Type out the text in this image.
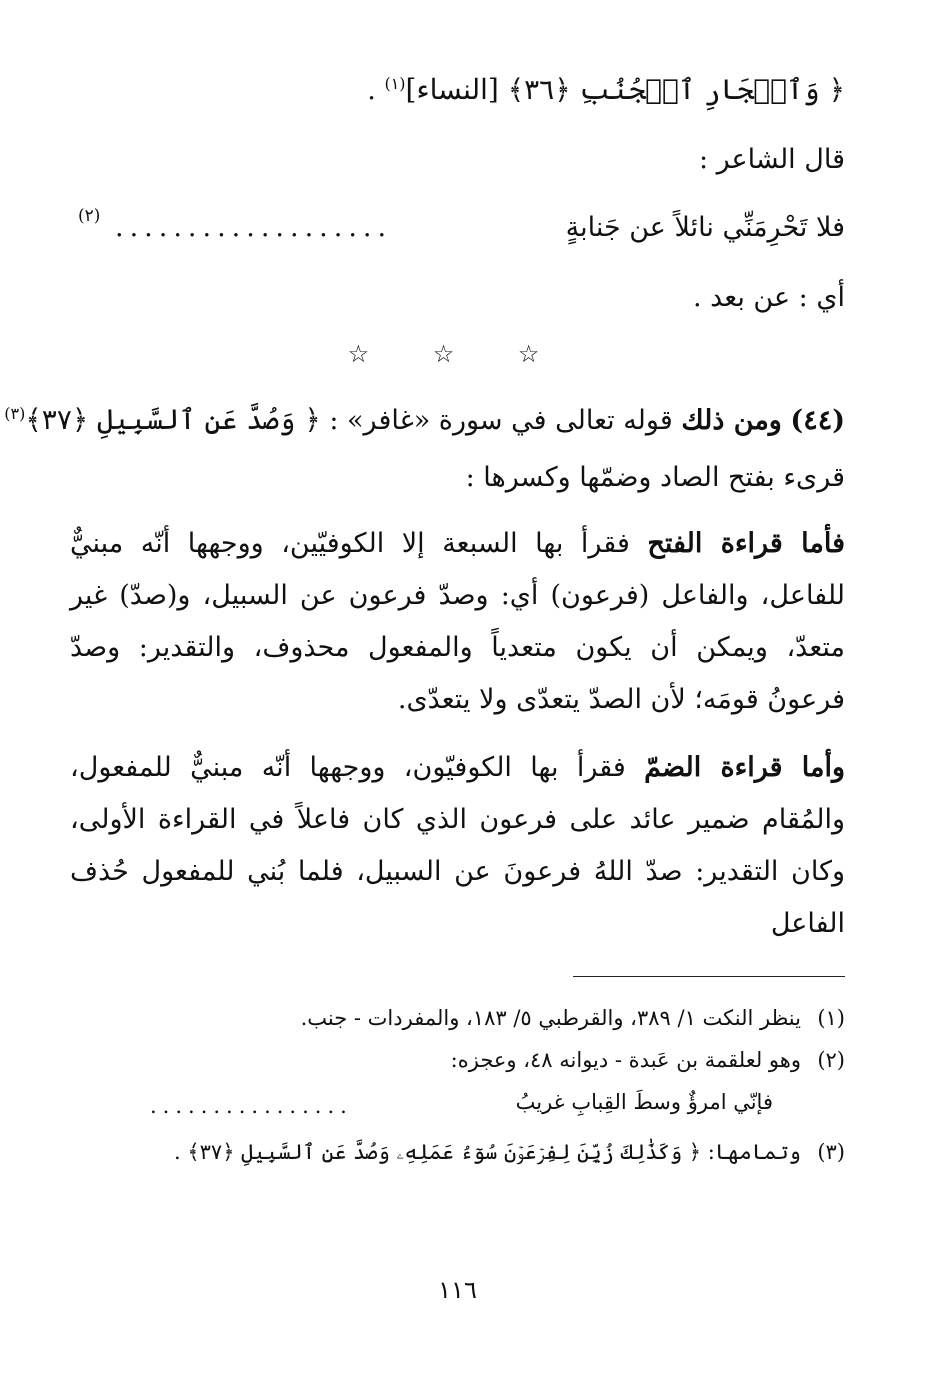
﴿ وَٱلۡجَارِ ٱلۡجُنُبِ ﴿٣٦﴾ [النساء]$^{(١)}$ .
قال الشاعر :
فلا تَحْرِمَنِّي نائلاً عن جَنابةٍ
...................
(٢)
أي : عن بعد .
☆ ☆ ☆
(٤٤) ومن ذلك قوله تعالى في سورة «غافر» : ﴿ وَصُدَّ عَنِ ٱلسَّبِيلِ ﴿٣٧﴾$^{(٣)}$
قرىء بفتح الصاد وضمّها وكسرها :
فأما قراءة الفتح فقرأ بها السبعة إلا الكوفيّين، ووجهها أنّه مبنيٌّ للفاعل، والفاعل (فرعون) أي: وصدّ فرعون عن السبيل، و(صدّ) غير متعدّ، ويمكن أن يكون متعدياً والمفعول محذوف، والتقدير: وصدّ فرعونُ قومَه؛ لأن الصدّ يتعدّى ولا يتعدّى.
وأما قراءة الضمّ فقرأ بها الكوفيّون، ووجهها أنّه مبنيٌّ للمفعول، والمُقام ضمير عائد على فرعون الذي كان فاعلاً في القراءة الأولى، وكان التقدير: صدّ اللهُ فرعونَ عن السبيل، فلما بُني للمفعول حُذف الفاعل
(١)ينظر النكت ١/ ٣٨٩، والقرطبي ٥/ ١٨٣، والمفردات - جنب.
(٢)وهو لعلقمة بن عَبدة - ديوانه ٤٨، وعجزه:
فإنّي امرؤٌ وسطَ القِبابِ غريبُ
................
(٣)وتمامها: ﴿ وَكَذَٰلِكَ زُيِّنَ لِفِرۡعَوۡنَ سُوٓءُ عَمَلِهِۦ وَصُدَّ عَنِ ٱلسَّبِيلِ ﴿٣٧﴾ .
١١٦
